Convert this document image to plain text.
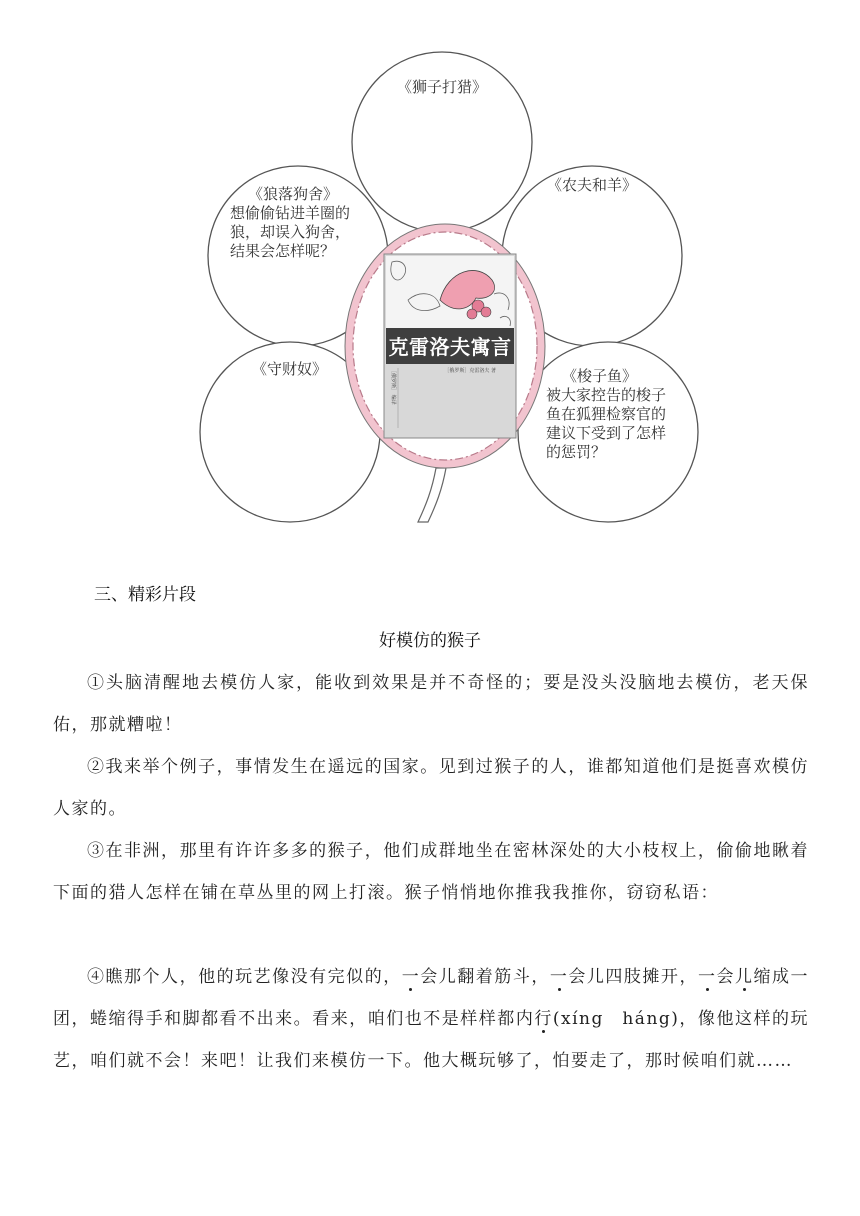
克雷洛夫寓言
［俄罗斯］克雷洛夫 著
［俄罗斯］ 编译
《狮子打猎》
《狼落狗舍》
想偷偷钻进羊圈的
狼，却误入狗舍，
结果会怎样呢？
《农夫和羊》
《守财奴》	《梭子鱼》
被大家控告的梭子
鱼在狐狸检察官的
建议下受到了怎样
的惩罚？
三、精彩片段
好模仿的猴子
①头脑清醒地去模仿人家，能收到效果是并不奇怪的；要是没头没脑地去模仿，老天保佑，那就糟啦！
②我来举个例子，事情发生在遥远的国家。见到过猴子的人，谁都知道他们是挺喜欢模仿人家的。
③在非洲，那里有许许多多的猴子，他们成群地坐在密林深处的大小枝杈上，偷偷地瞅着下面的猎人怎样在铺在草丛里的网上打滚。猴子悄悄地你推我我推你，窃窃私语：
④瞧那个人，他的玩艺像没有完似的，一会儿翻着筋斗，一会儿四肢摊开，一会儿缩成一团，蜷缩得手和脚都看不出来。看来，咱们也不是样样都内行(xíng　háng)，像他这样的玩艺，咱们就不会！来吧！让我们来模仿一下。他大概玩够了，怕要走了，那时候咱们就……
